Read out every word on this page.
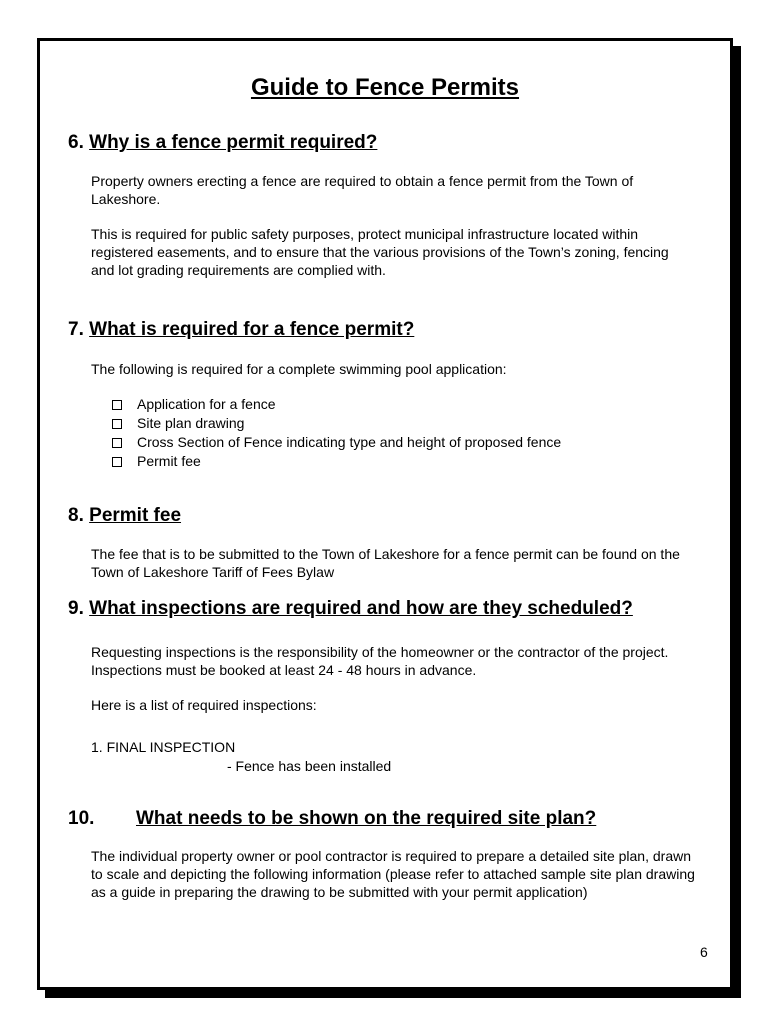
Guide to Fence Permits
6. Why is a fence permit required?

Property owners erecting a fence are required to obtain a fence permit from the Town of Lakeshore.

This is required for public safety purposes, protect municipal infrastructure located within registered easements, and to ensure that the various provisions of the Town’s zoning, fencing and lot grading requirements are complied with.

7. What is required for a fence permit?

The following is required for a complete swimming pool application:

Application for a fence
Site plan drawing
Cross Section of Fence indicating type and height of proposed fence
Permit fee
8. Permit fee

The fee that is to be submitted to the Town of Lakeshore for a fence permit can be found on the Town of Lakeshore Tariff of Fees Bylaw

9. What inspections are required and how are they scheduled?

Requesting inspections is the responsibility of the homeowner or the contractor of the project. Inspections must be booked at least 24 - 48 hours in advance.

Here is a list of required inspections:

1. FINAL INSPECTION

- Fence has been installed

10. What needs to be shown on the required site plan?

The individual property owner or pool contractor is required to prepare a detailed site plan, drawn to scale and depicting the following information (please refer to attached sample site plan drawing as a guide in preparing the drawing to be submitted with your permit application)

6
